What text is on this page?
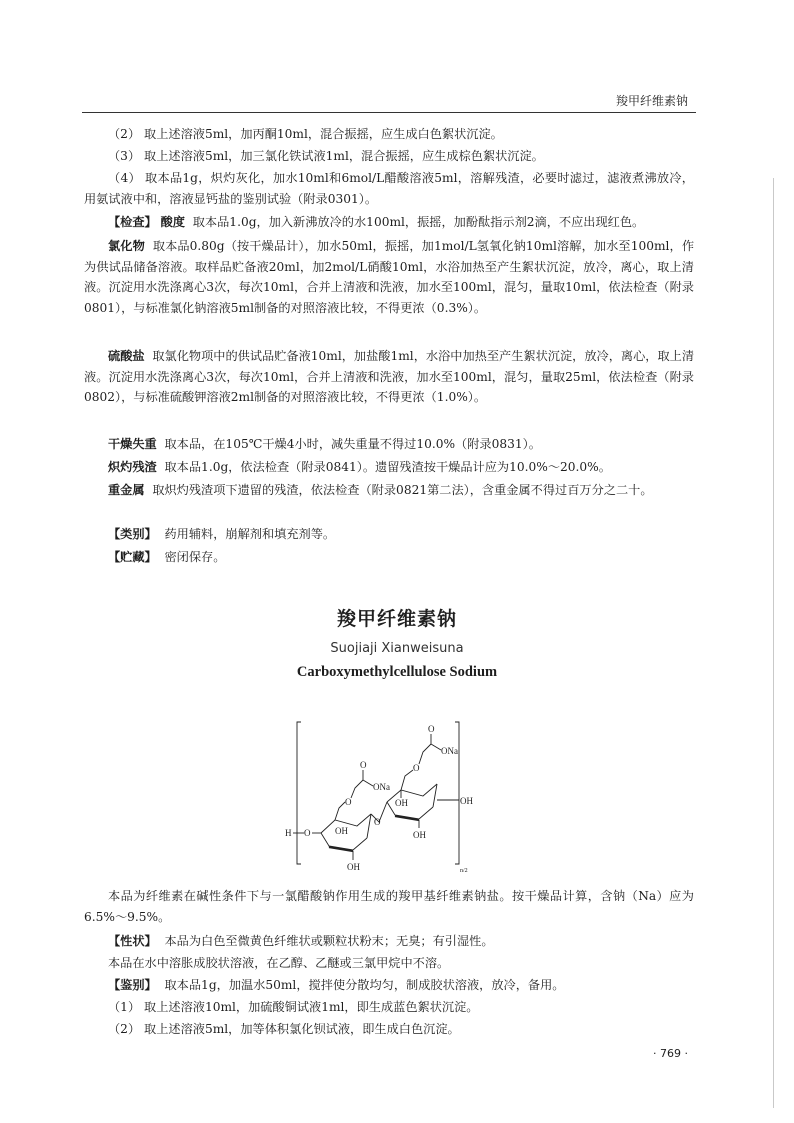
羧甲纤维素钠

（2） 取上述溶液5ml，加丙酮10ml，混合振摇，应生成白色絮状沉淀。

（3） 取上述溶液5ml，加三氯化铁试液1ml，混合振摇，应生成棕色絮状沉淀。

（4） 取本品1g，炽灼灰化，加水10ml和6mol/L醋酸溶液5ml，溶解残渣，必要时滤过，滤液煮沸放冷，用氨试液中和，溶液显钙盐的鉴别试验（附录0301）。

【检查】 酸度 取本品1.0g，加入新沸放冷的水100ml，振摇，加酚酞指示剂2滴，不应出现红色。

氯化物 取本品0.80g（按干燥品计），加水50ml，振摇，加1mol/L氢氧化钠10ml溶解，加水至100ml，作为供试品储备溶液。取样品贮备液20ml，加2mol/L硝酸10ml，水浴加热至产生絮状沉淀，放冷，离心，取上清液。沉淀用水洗涤离心3次，每次10ml，合并上清液和洗液，加水至100ml，混匀，量取10ml，依法检查（附录0801），与标准氯化钠溶液5ml制备的对照溶液比较，不得更浓（0.3%）。

硫酸盐 取氯化物项中的供试品贮备液10ml，加盐酸1ml，水浴中加热至产生絮状沉淀，放冷，离心，取上清液。沉淀用水洗涤离心3次，每次10ml，合并上清液和洗液，加水至100ml，混匀，量取25ml，依法检查（附录0802），与标准硫酸钾溶液2ml制备的对照溶液比较，不得更浓（1.0%）。

干燥失重 取本品，在105℃干燥4小时，减失重量不得过10.0%（附录0831）。

炽灼残渣 取本品1.0g，依法检查（附录0841）。遗留残渣按干燥品计应为10.0%～20.0%。

重金属 取炽灼残渣项下遗留的残渣，依法检查（附录0821第二法），含重金属不得过百万分之二十。

【类别】 药用辅料，崩解剂和填充剂等。

【贮藏】 密闭保存。

羧甲纤维素钠
Suojiaji Xianweisuna
Carboxymethylcellulose Sodium
H O
O
O
O
O
O
ONa
ONa
OH
OH
OH
OH
OH
n/2

本品为纤维素在碱性条件下与一氯醋酸钠作用生成的羧甲基纤维素钠盐。按干燥品计算，含钠（Na）应为6.5%～9.5%。

【性状】 本品为白色至微黄色纤维状或颗粒状粉末；无臭；有引湿性。

本品在水中溶胀成胶状溶液，在乙醇、乙醚或三氯甲烷中不溶。

【鉴别】 取本品1g，加温水50ml，搅拌使分散均匀，制成胶状溶液，放冷，备用。

（1） 取上述溶液10ml，加硫酸铜试液1ml，即生成蓝色絮状沉淀。

（2） 取上述溶液5ml，加等体积氯化钡试液，即生成白色沉淀。

· 769 ·
